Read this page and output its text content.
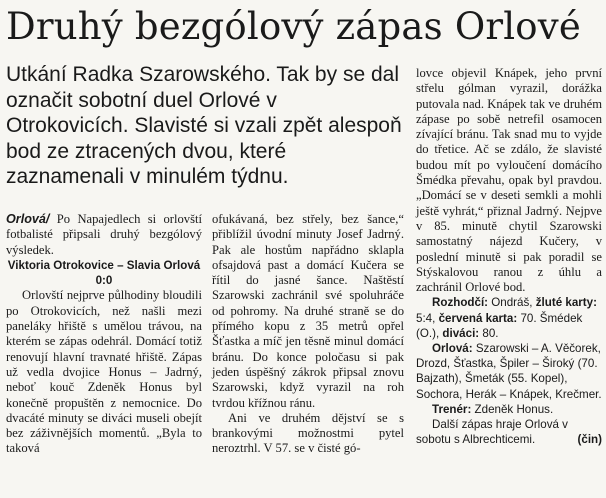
Druhý bezgólový zápas Orlové

Utkání Radka Szarowského. Tak by se dal označit sobotní duel Orlové v Otrokovicích. Slavisté si vzali zpět alespoň bod ze ztracených dvou, které zaznamenali v minulém týdnu.

Orlová/ Po Napajedlech si orlovští fotbalisté připsali druhý bezgólový výsledek.

Viktoria Otrokovice – Slavia Orlová 0:0

Orlovští nejprve půlhodiny bloudili po Otrokovicích, než našli mezi paneláky hřiště s umělou trávou, na kterém se zápas odehrál. Domácí totiž renovují hlavní travnaté hřiště. Zápas už vedla dvojice Honus – Jadrný, neboť kouč Zdeněk Honus byl konečně propuštěn z nemocnice. Do dvacáté minuty se diváci museli obejít bez záživnějších momentů. „Byla to taková

ofukávaná, bez střely, bez šance,“ přiblížil úvodní minuty Josef Jadrný. Pak ale hostům napřádno sklapla ofsajdová past a domácí Kučera se řítil do jasné šance. Naštěstí Szarowski zachránil své spoluhráče od pohromy. Na druhé straně se do přímého kopu z 35 metrů opřel Šťastka a míč jen těsně minul domácí bránu. Do konce poločasu si pak jeden úspěšný zákrok připsal znovu Szarowski, když vyrazil na roh tvrdou křížnou ránu.

Ani ve druhém dějství se s brankovými možnostmi pytel neroztrhl. V 57. se v čisté gó-

lovce objevil Knápek, jeho první střelu gólman vyrazil, dorážka putovala nad. Knápek tak ve druhém zápase po sobě netrefil osamocen zívající bránu. Tak snad mu to vyjde do třetice. Ač se zdálo, že slavisté budou mít po vyloučení domácího Šmédka převahu, opak byl pravdou. „Domácí se v deseti semkli a mohli ještě vyhrát,“ přiznal Jadrný. Nejpve v 85. minutě chytil Szarowski samostatný nájezd Kučery, v poslední minutě si pak poradil se Stýskalovou ranou z úhlu a zachránil Orlové bod.

Rozhodčí: Ondráš, žluté karty: 5:4, červená karta: 70. Šmédek (O.), diváci: 80.

Orlová: Szarowski – A. Věčorek, Drozd, Šťastka, Špiler – Široký (70. Bajzath), Šmeták (55. Kopel), Sochora, Herák – Knápek, Krečmer.

Trenér: Zdeněk Honus.

Další zápas hraje Orlová v sobotu s Albrechticemi.	(čin)
